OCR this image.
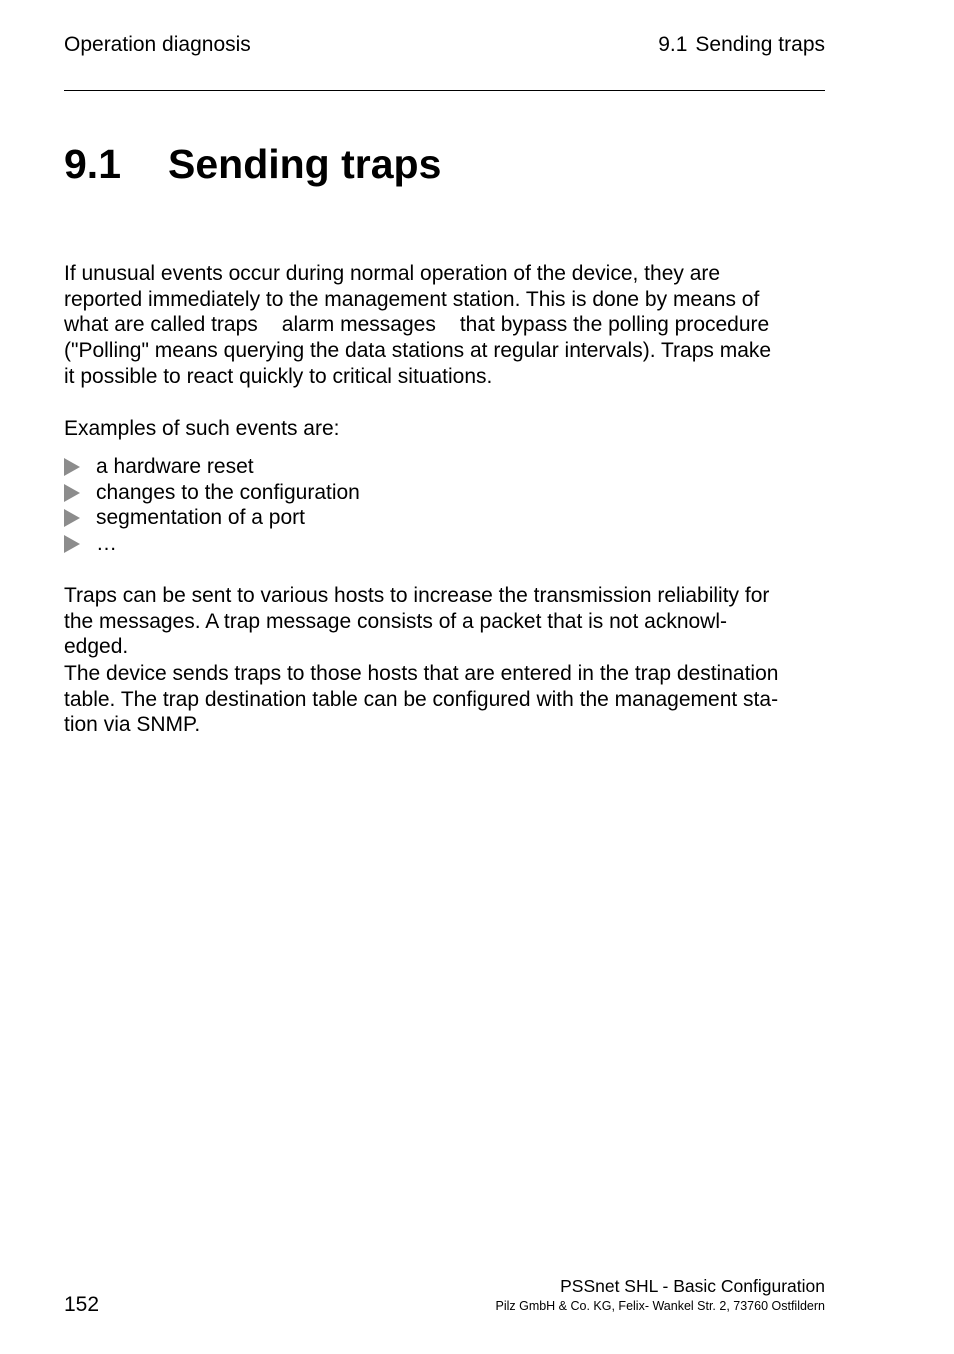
Operation diagnosis	9.1 Sending traps
9.1 Sending traps
If unusual events occur during normal operation of the device, they are
reported immediately to the management station. This is done by means of
what are called traps alarm messages that bypass the polling procedure
("Polling" means querying the data stations at regular intervals). Traps make
it possible to react quickly to critical situations.
Examples of such events are:
a hardware reset
changes to the configuration
segmentation of a port
…
Traps can be sent to various hosts to increase the transmission reliability for
the messages. A trap message consists of a packet that is not acknowl-
edged.
The device sends traps to those hosts that are entered in the trap destination
table. The trap destination table can be configured with the management sta-
tion via SNMP.
152
PSSnet SHL - Basic Configuration
Pilz GmbH & Co. KG, Felix- Wankel Str. 2, 73760 Ostfildern
